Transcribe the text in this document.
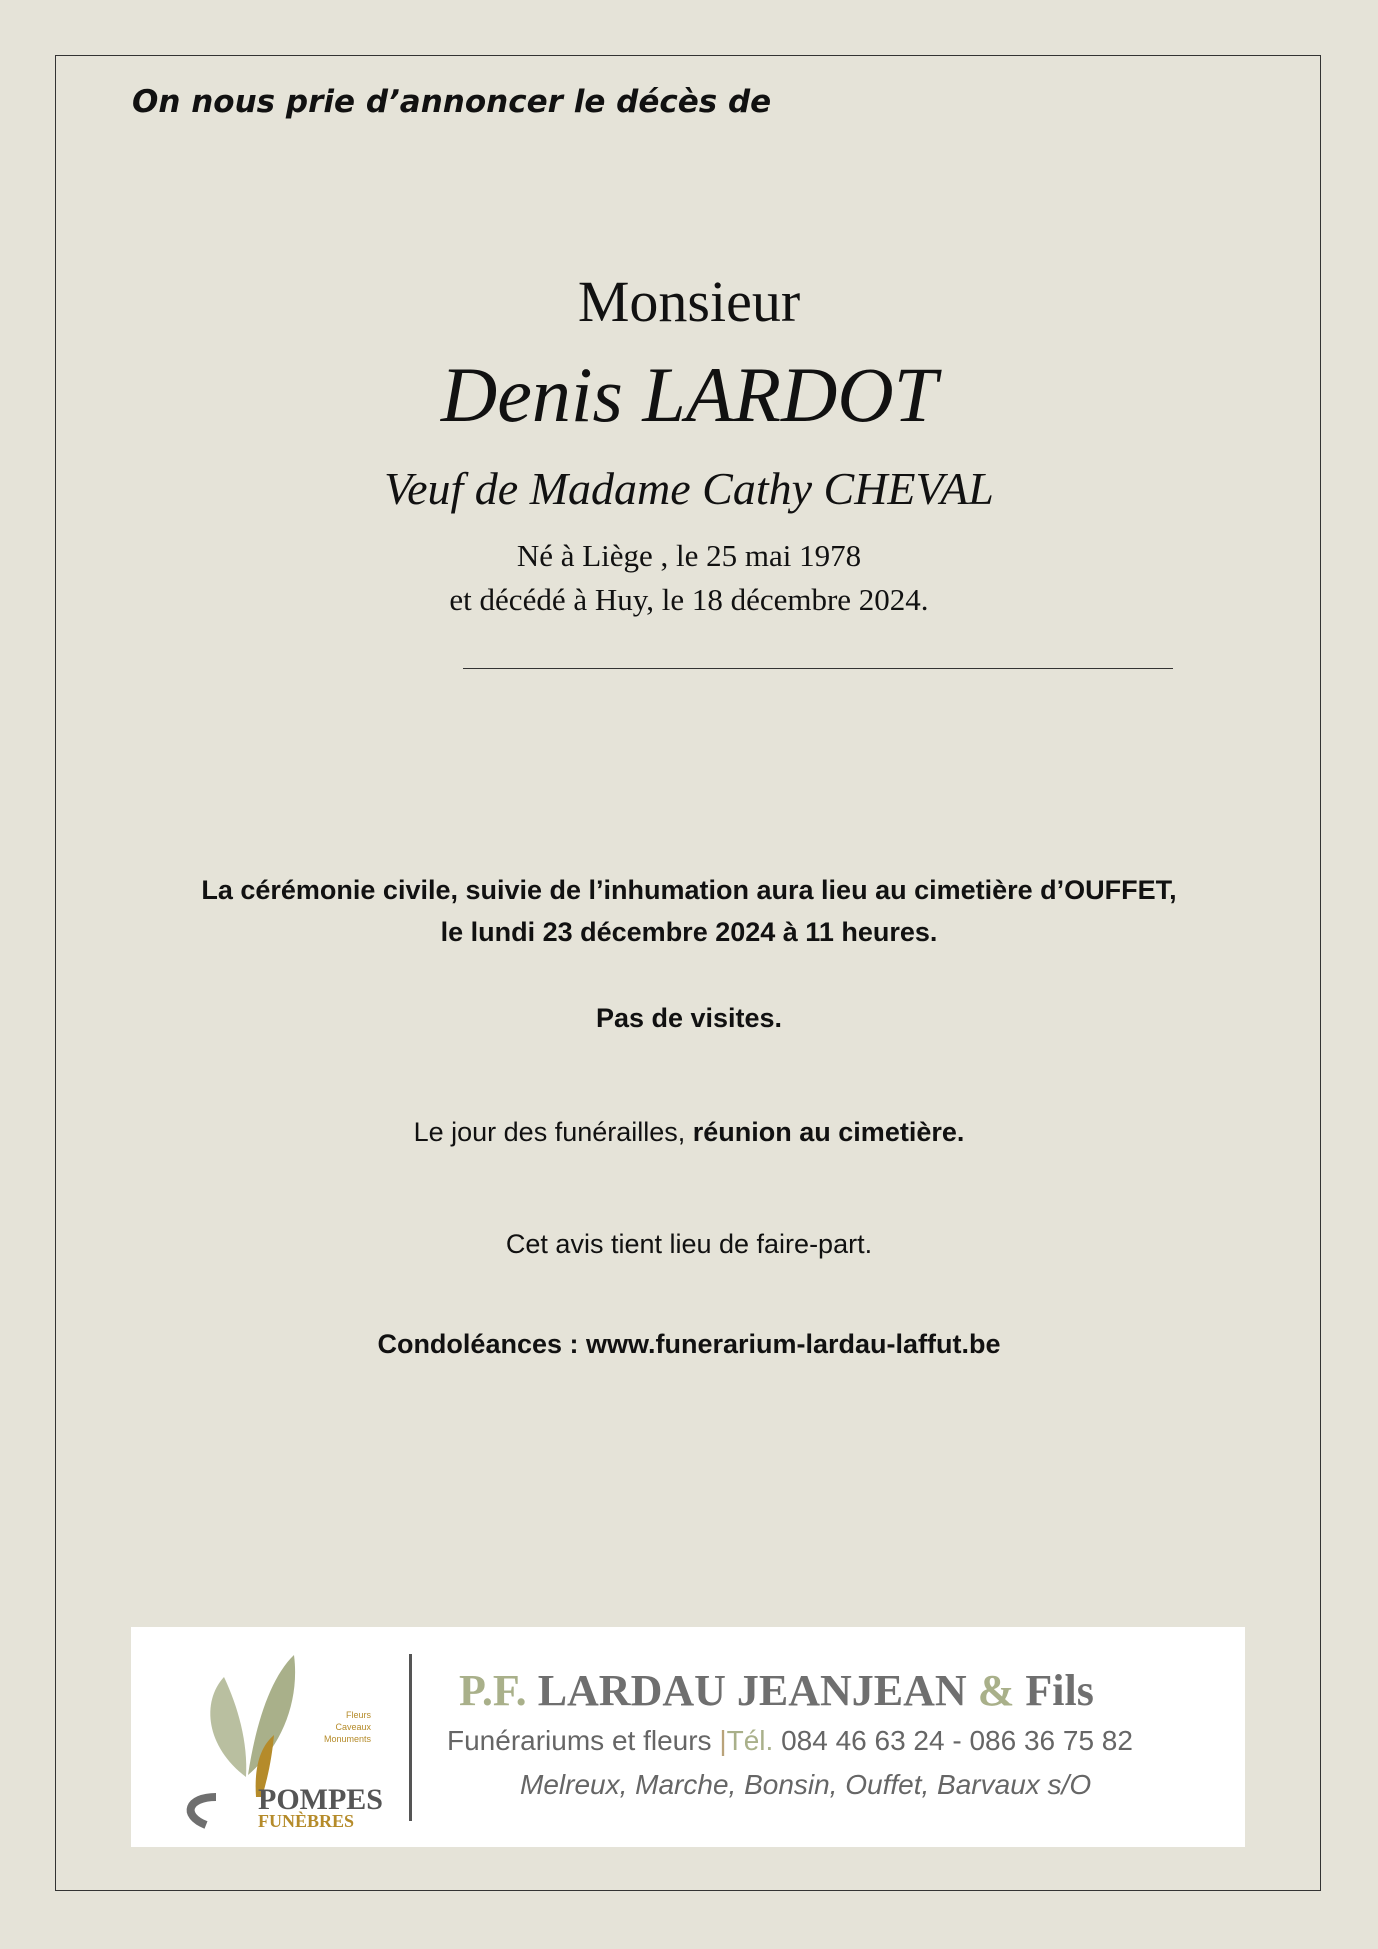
On nous prie d’annoncer le décès de
Monsieur
Denis LARDOT
Veuf de Madame Cathy CHEVAL
Né à Liège , le 25 mai 1978
et décédé à Huy, le 18 décembre 2024.
La cérémonie civile, suivie de l’inhumation aura lieu au cimetière d’OUFFET,
le lundi 23 décembre 2024 à 11 heures.
Pas de visites.
Le jour des funérailles, réunion au cimetière.
Cet avis tient lieu de faire-part.
Condoléances : www.funerarium-lardau-laffut.be
POMPES
FUNÈBRES
Fleurs
Caveaux
Monuments
P.F. LARDAU JEANJEAN & Fils
Funérariums et fleurs |Tél. 084 46 63 24 - 086 36 75 82
Melreux, Marche, Bonsin, Ouffet, Barvaux s/O
